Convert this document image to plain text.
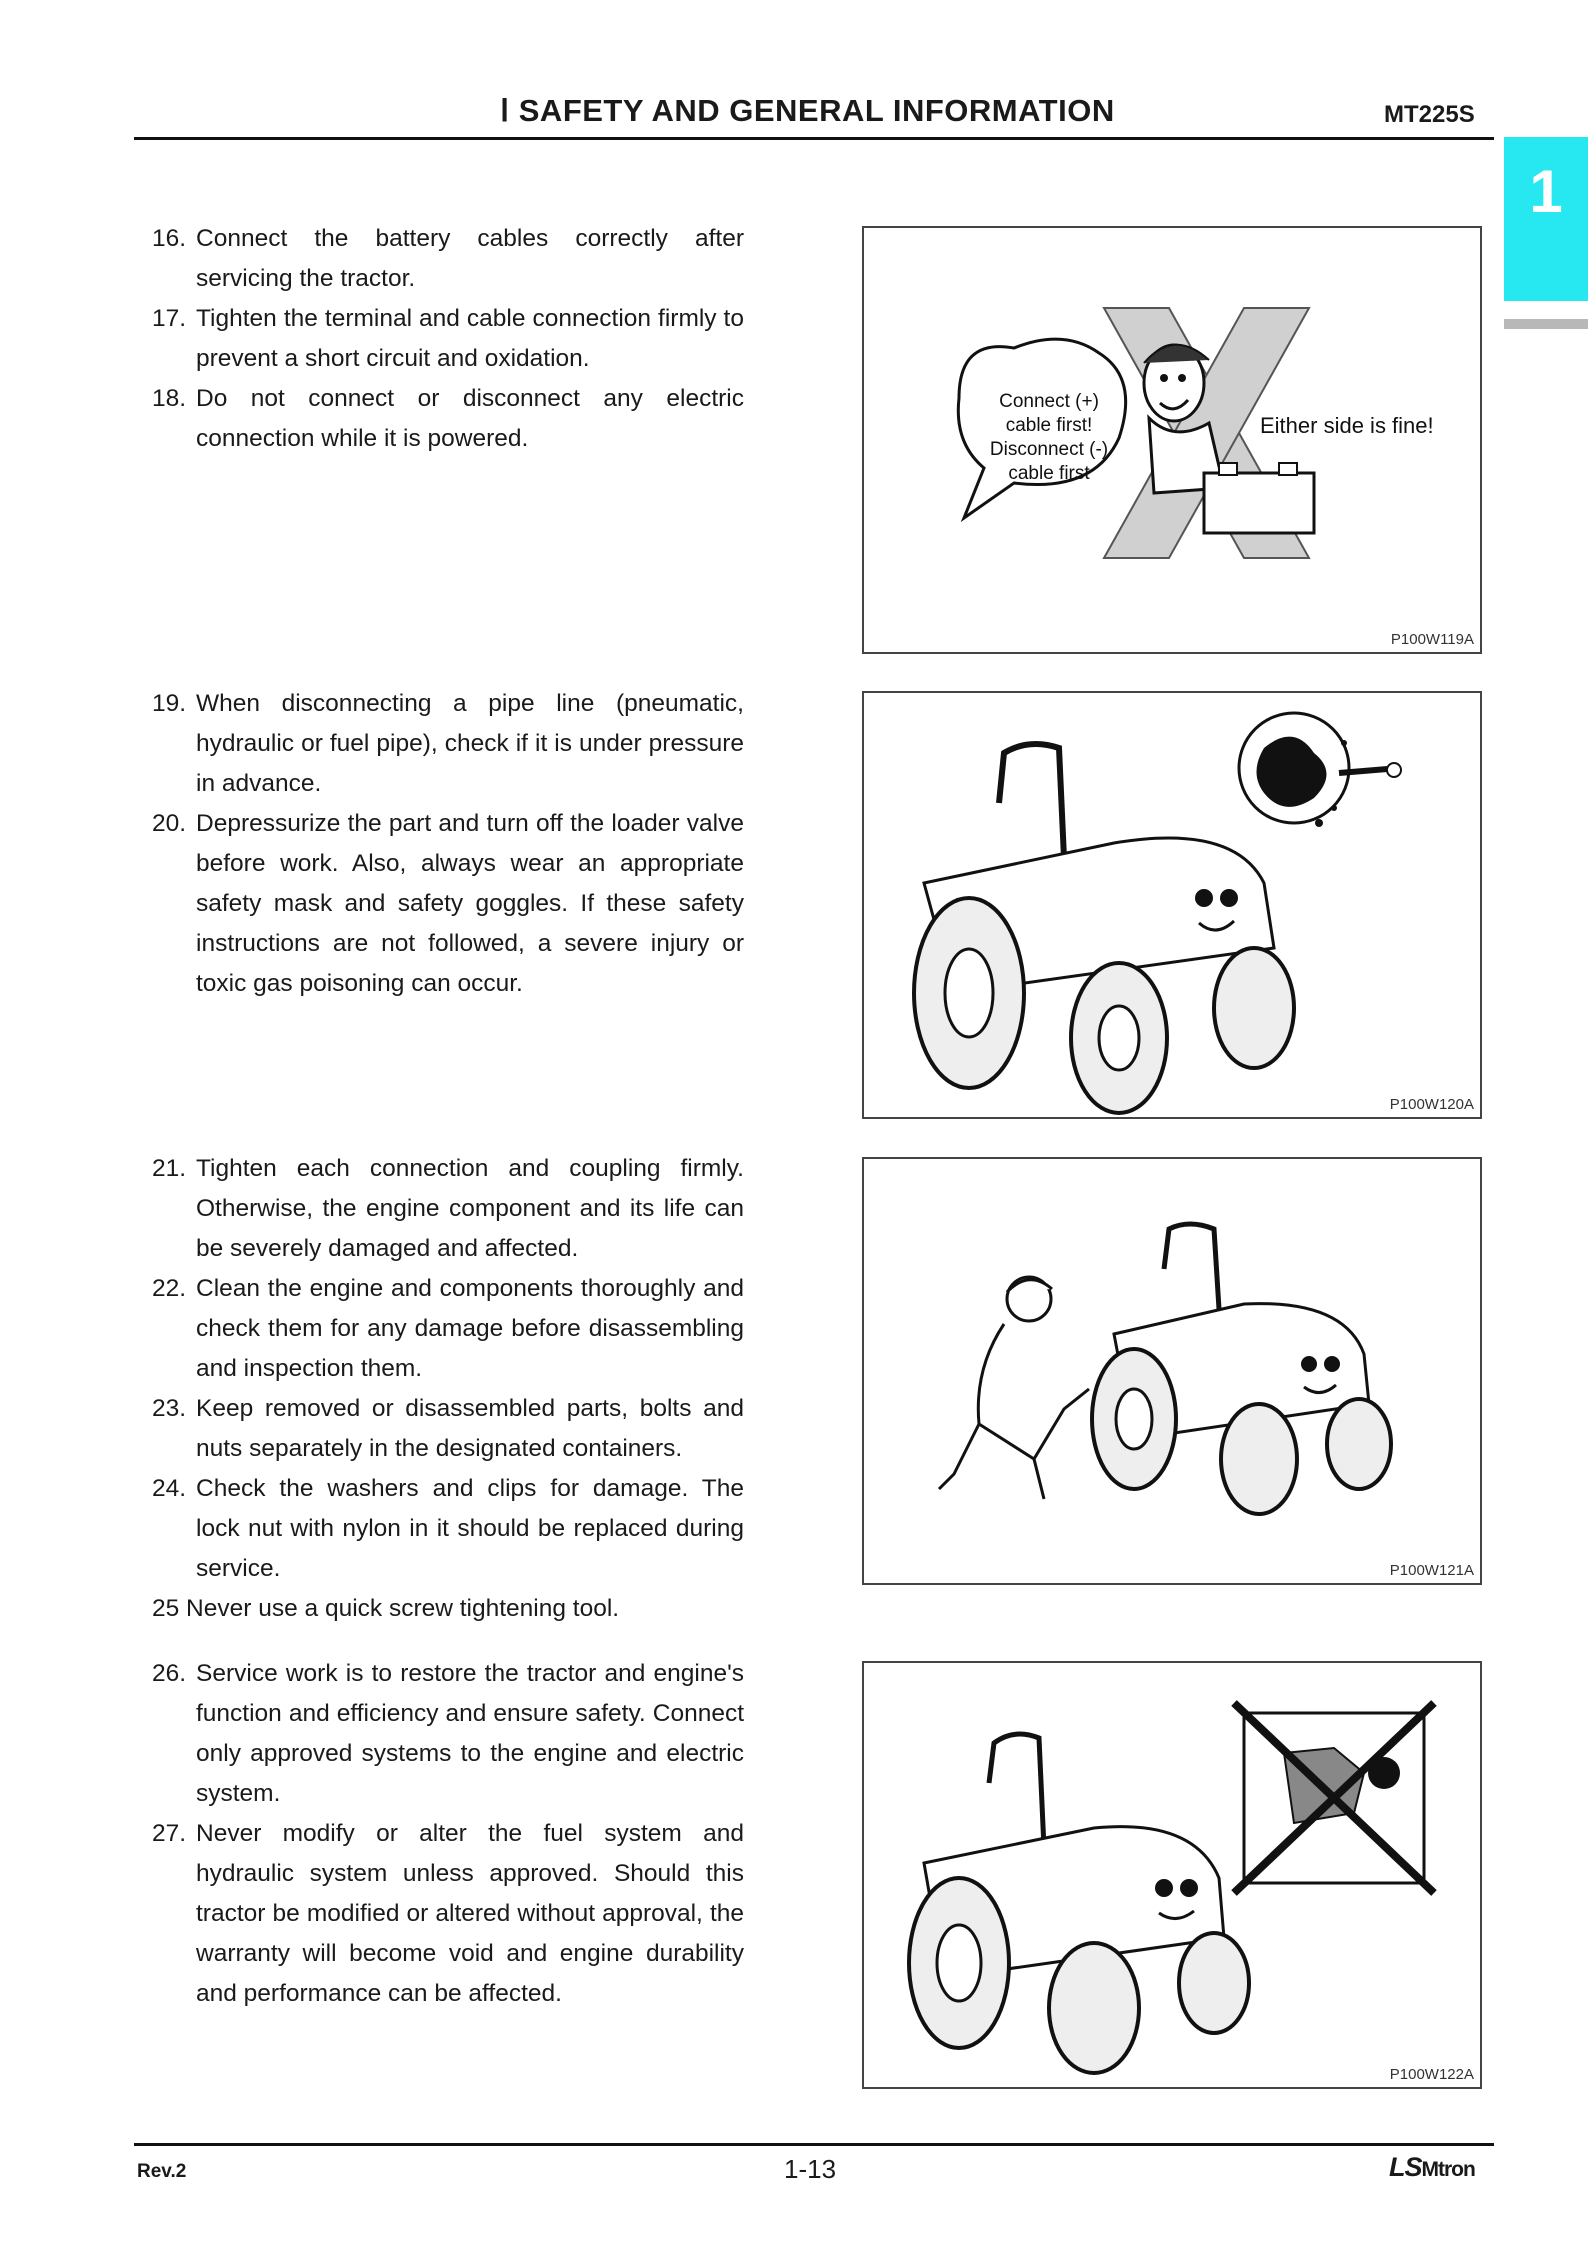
Ⅰ SAFETY AND GENERAL INFORMATION	MT225S
1
16. Connect the battery cables correctly after servicing the tractor.
17. Tighten the terminal and cable connection firmly to prevent a short circuit and oxidation.
18. Do not connect or disconnect any electric connection while it is powered.
19. When disconnecting a pipe line (pneumatic, hydraulic or fuel pipe), check if it is under pressure in advance.
20. Depressurize the part and turn off the loader valve before work. Also, always wear an appropriate safety mask and safety goggles. If these safety instructions are not followed, a severe injury or toxic gas poisoning can occur.
21. Tighten each connection and coupling firmly. Otherwise, the engine component and its life can be severely damaged and affected.
22. Clean the engine and components thoroughly and check them for any damage before disassembling and inspection them.
23. Keep removed or disassembled parts, bolts and nuts separately in the designated containers.
24. Check the washers and clips for damage. The lock nut with nylon in it should be replaced during service.
25 Never use a quick screw tightening tool.
26. Service work is to restore the tractor and engine's function and efficiency and ensure safety. Connect only approved systems to the engine and electric system.
27. Never modify or alter the fuel system and hydraulic system unless approved. Should this tractor be modified or altered without approval, the warranty will become void and engine durability and performance can be affected.
Connect (+)
cable first!
Disconnect (-)
cable first
Either side is fine!
P100W119A
P100W120A
P100W121A
P100W122A
Rev.2	1-13	LSMtron
